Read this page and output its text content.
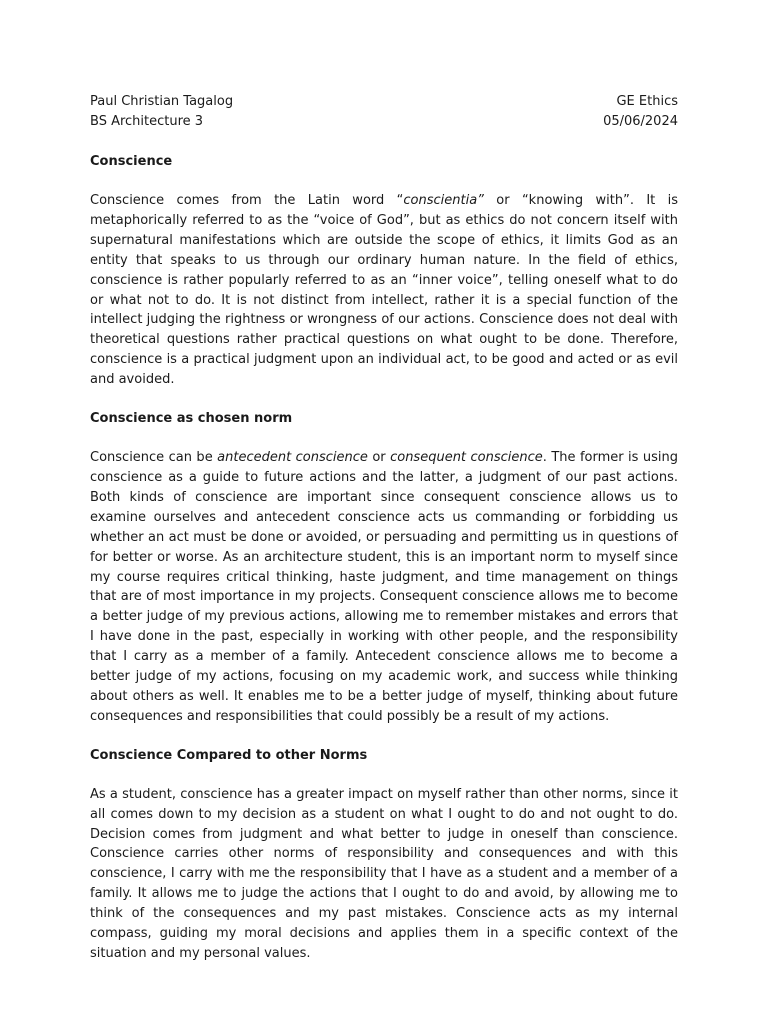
Paul Christian Tagalog
BS Architecture 3
GE Ethics
05/06/2024
Conscience

Conscience comes from the Latin word “conscientia” or “knowing with”. It is metaphorically referred to as the “voice of God”, but as ethics do not concern itself with supernatural manifestations which are outside the scope of ethics, it limits God as an entity that speaks to us through our ordinary human nature. In the field of ethics, conscience is rather popularly referred to as an “inner voice”, telling oneself what to do or what not to do. It is not distinct from intellect, rather it is a special function of the intellect judging the rightness or wrongness of our actions. Conscience does not deal with theoretical questions rather practical questions on what ought to be done. Therefore, conscience is a practical judgment upon an individual act, to be good and acted or as evil and avoided.

Conscience as chosen norm

Conscience can be antecedent conscience or consequent conscience. The former is using conscience as a guide to future actions and the latter, a judgment of our past actions. Both kinds of conscience are important since consequent conscience allows us to examine ourselves and antecedent conscience acts us commanding or forbidding us whether an act must be done or avoided, or persuading and permitting us in questions of for better or worse. As an architecture student, this is an important norm to myself since my course requires critical thinking, haste judgment, and time management on things that are of most importance in my projects. Consequent conscience allows me to become a better judge of my previous actions, allowing me to remember mistakes and errors that I have done in the past, especially in working with other people, and the responsibility that I carry as a member of a family. Antecedent conscience allows me to become a better judge of my actions, focusing on my academic work, and success while thinking about others as well. It enables me to be a better judge of myself, thinking about future consequences and responsibilities that could possibly be a result of my actions.

Conscience Compared to other Norms

As a student, conscience has a greater impact on myself rather than other norms, since it all comes down to my decision as a student on what I ought to do and not ought to do. Decision comes from judgment and what better to judge in oneself than conscience. Conscience carries other norms of responsibility and consequences and with this conscience, I carry with me the responsibility that I have as a student and a member of a family. It allows me to judge the actions that I ought to do and avoid, by allowing me to think of the consequences and my past mistakes. Conscience acts as my internal compass, guiding my moral decisions and applies them in a specific context of the situation and my personal values.
